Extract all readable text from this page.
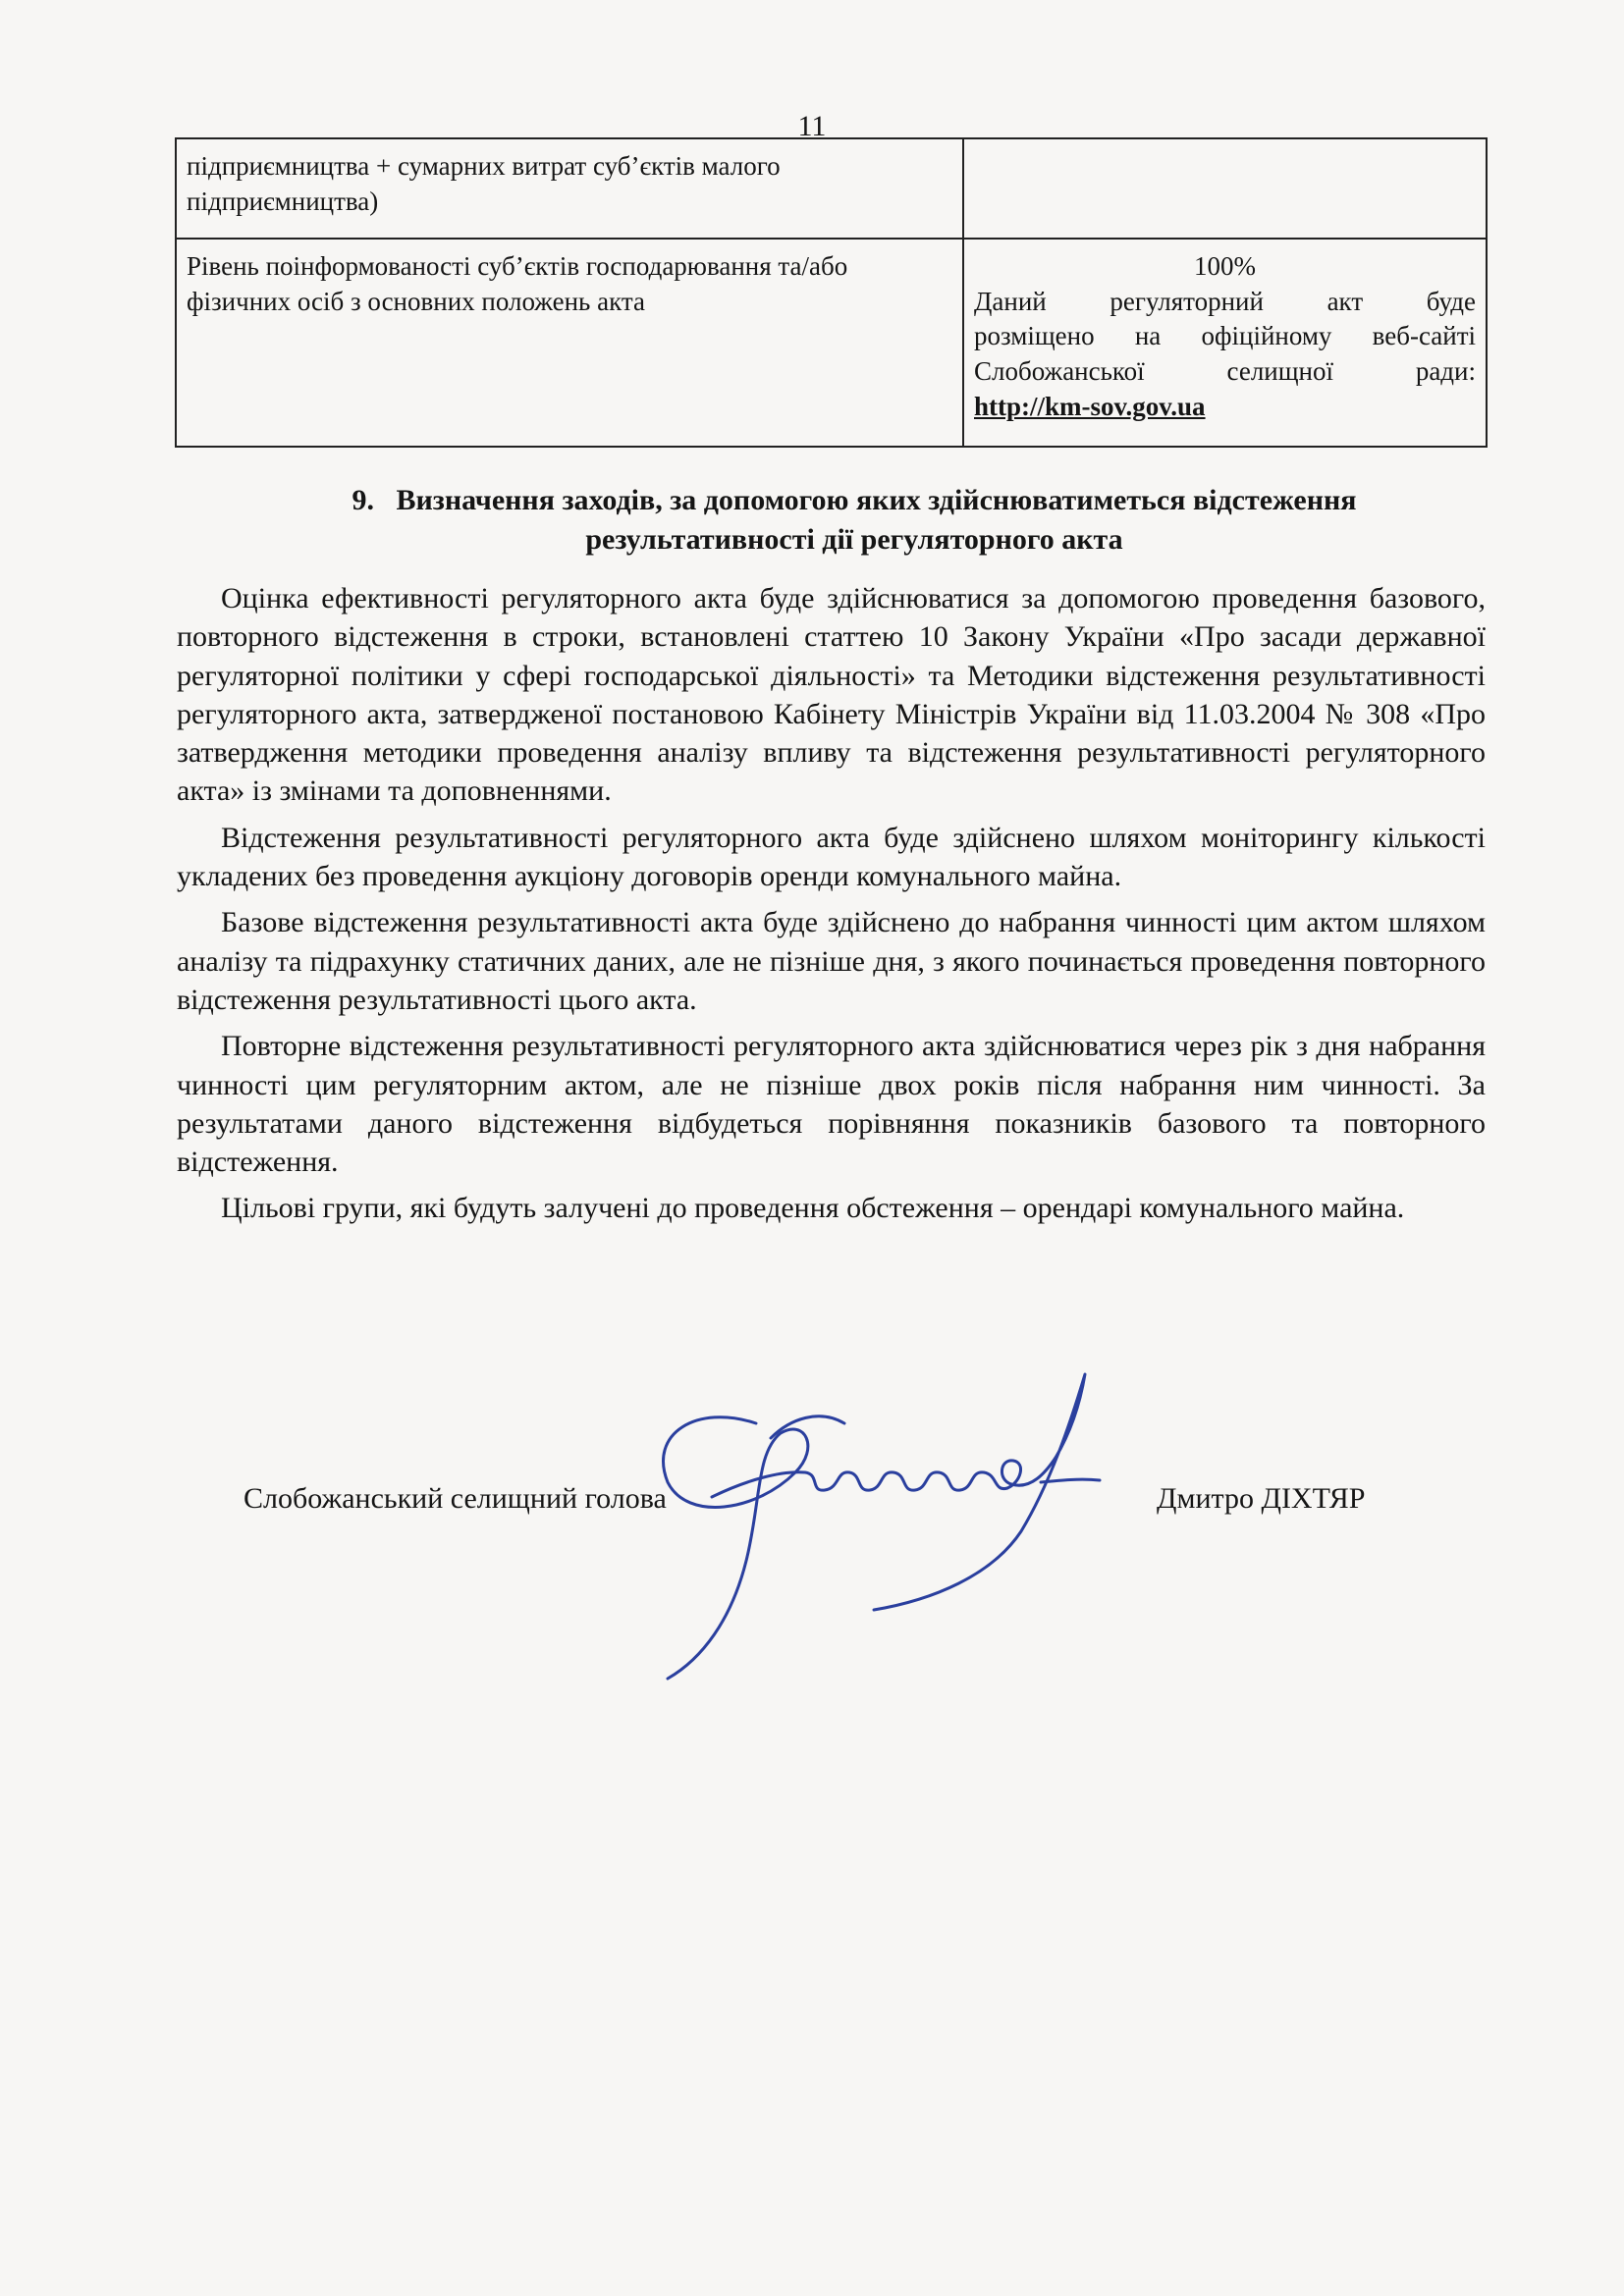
11
підприємництва + сумарних витрат суб’єктів малого підприємництва)	
Рівень поінформованості суб’єктів господарювання та/або фізичних осіб з основних положень акта	100%
Даний регуляторний акт буде
розміщено на офіційному веб-сайті
Слобожанської селищної ради:
http://km-sov.gov.ua
9. Визначення заходів, за допомогою яких здійснюватиметься відстеження
результативності дії регуляторного акта

Оцінка ефективності регуляторного акта буде здійснюватися за допомогою проведення базового, повторного відстеження в строки, встановлені статтею 10 Закону України «Про засади державної регуляторної політики у сфері господарської діяльності» та Методики відстеження результативності регуляторного акта, затвердженої постановою Кабінету Міністрів України від 11.03.2004 № 308 «Про затвердження методики проведення аналізу впливу та відстеження результативності регуляторного акта» із змінами та доповненнями.

Відстеження результативності регуляторного акта буде здійснено шляхом моніторингу кількості укладених без проведення аукціону договорів оренди комунального майна.

Базове відстеження результативності акта буде здійснено до набрання чинності цим актом шляхом аналізу та підрахунку статичних даних, але не пізніше дня, з якого починається проведення повторного відстеження результативності цього акта.

Повторне відстеження результативності регуляторного акта здійснюватися через рік з дня набрання чинності цим регуляторним актом, але не пізніше двох років після набрання ним чинності. За результатами даного відстеження відбудеться порівняння показників базового та повторного відстеження.

Цільові групи, які будуть залучені до проведення обстеження – орендарі комунального майна.

Слобожанський селищний голова	Дмитро ДІХТЯР
